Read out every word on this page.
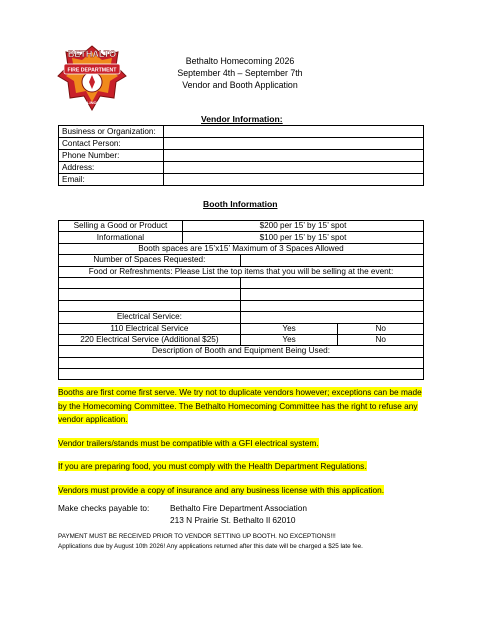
BETHALTO
FIRE DEPARTMENT
ILLINOIS
Bethalto Homecoming 2026
September 4th – September 7th
Vendor and Booth Application
Vendor Information:
Business or Organization:	
Contact Person:	
Phone Number:	
Address:	
Email:	
Booth Information
Selling a Good or Product	$200 per 15’ by 15’ spot		
Informational	$100 per 15’ by 15’ spot		
Booth spaces are 15’x15’ Maximum of 3 Spaces Allowed			
Number of Spaces Requested:			
Food or Refreshments: Please List the top items that you will be selling at the event:			

Electrical Service:			
110 Electrical Service		Yes	No
220 Electrical Service (Additional $25)		Yes	No
Description of Booth and Equipment Being Used:			

Booths are first come first serve. We try not to duplicate vendors however; exceptions can be made by the Homecoming Committee. The Bethalto Homecoming Committee has the right to refuse any vendor application.

Vendor trailers/stands must be compatible with a GFI electrical system.

If you are preparing food, you must comply with the Health Department Regulations.

Vendors must provide a copy of insurance and any business license with this application.

Make checks payable to: Bethalto Fire Department Association
213 N Prairie St. Bethalto Il 62010
PAYMENT MUST BE RECEIVED PRIOR TO VENDOR SETTING UP BOOTH. NO EXCEPTIONS!!!
Applications due by August 10th 2026! Any applications returned after this date will be charged a $25 late fee.
